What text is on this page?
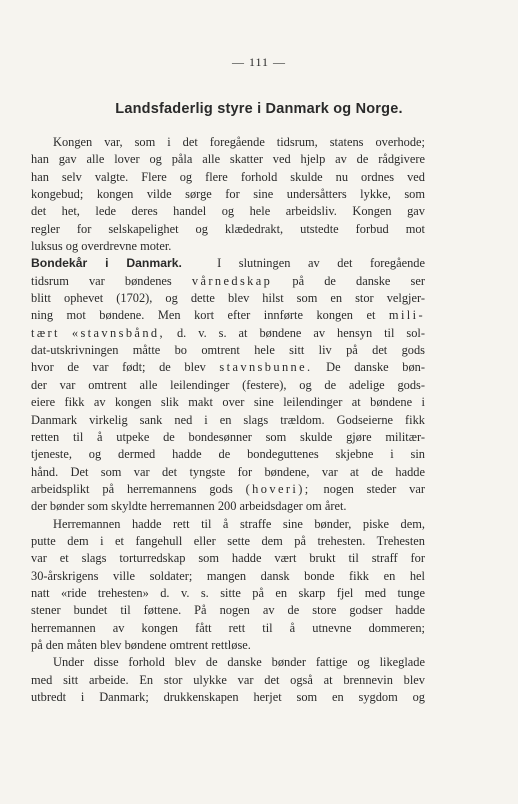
— 111 —
Landsfaderlig styre i Danmark og Norge.
Kongen var, som i det foregående tidsrum, statens overhode;
han gav alle lover og påla alle skatter ved hjelp av de rådgivere
han selv valgte. Flere og flere forhold skulde nu ordnes ved
kongebud; kongen vilde sørge for sine undersåtters lykke, som
det het, lede deres handel og hele arbeidsliv. Kongen gav
regler for selskapelighet og klædedrakt, utstedte forbud mot
luksus og overdrevne moter.
Bondekår i Danmark.	I slutningen av det foregående
tidsrum var bøndenes vårnedskap på de danske ser
blitt ophevet (1702), og dette blev hilst som en stor velgjer-
ning mot bøndene. Men kort efter innførte kongen et mili-
tært «stavnsbånd, d. v. s. at bøndene av hensyn til sol-
dat-utskrivningen måtte bo omtrent hele sitt liv på det gods
hvor de var født; de blev stavnsbunne. De danske bøn-
der var omtrent alle leilendinger (festere), og de adelige gods-
eiere fikk av kongen slik makt over sine leilendinger at bøndene i
Danmark virkelig sank ned i en slags trældom. Godseierne fikk
retten til å utpeke de bondesønner som skulde gjøre militær-
tjeneste, og dermed hadde de bondeguttenes skjebne i sin
hånd. Det som var det tyngste for bøndene, var at de hadde
arbeidsplikt på herremannens gods (hoveri); nogen steder var
der bønder som skyldte herremannen 200 arbeidsdager om året.
Herremannen hadde rett til å straffe sine bønder, piske dem,
putte dem i et fangehull eller sette dem på trehesten. Trehesten
var et slags torturredskap som hadde vært brukt til straff for
30-årskrigens ville soldater; mangen dansk bonde fikk en hel
natt «ride trehesten» d. v. s. sitte på en skarp fjel med tunge
stener bundet til føttene. På nogen av de store godser hadde
herremannen av kongen fått rett til å utnevne dommeren;
på den måten blev bøndene omtrent rettløse.
Under disse forhold blev de danske bønder fattige og likeglade
med sitt arbeide. En stor ulykke var det også at brennevin blev
utbredt i Danmark; drukkenskapen herjet som en sygdom og
